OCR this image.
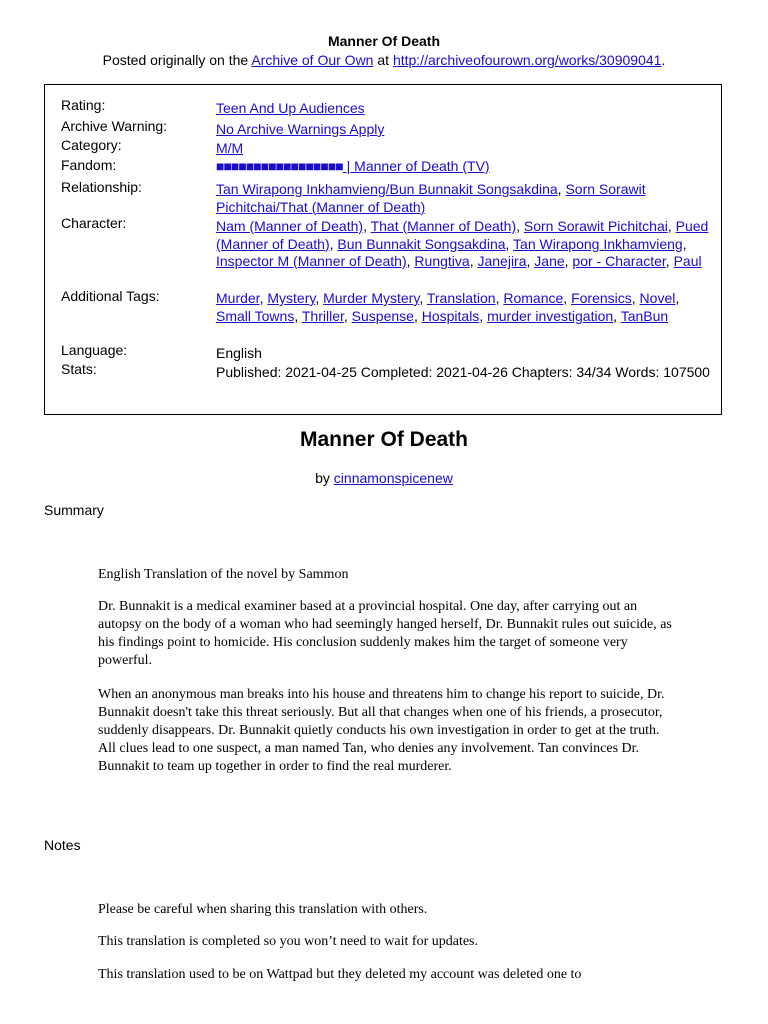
Manner Of Death
Posted originally on the Archive of Our Own at http://archiveofourown.org/works/30909041.
Rating:	Teen And Up Audiences
Archive Warning:	No Archive Warnings Apply
Category:	M/M
Fandom:	■■■■■■■■■■■■■■■■■ | Manner of Death (TV)
Relationship:	Tan Wirapong Inkhamvieng/Bun Bunnakit Songsakdina, Sorn Sorawit Pichitchai/That (Manner of Death)
Character:	Nam (Manner of Death), That (Manner of Death), Sorn Sorawit Pichitchai, Pued (Manner of Death), Bun Bunnakit Songsakdina, Tan Wirapong Inkhamvieng, Inspector M (Manner of Death), Rungtiva, Janejira, Jane, por - Character, Paul
Additional Tags:	Murder, Mystery, Murder Mystery, Translation, Romance, Forensics, Novel, Small Towns, Thriller, Suspense, Hospitals, murder investigation, TanBun
Language:	English
Stats:	Published: 2021-04-25 Completed: 2021-04-26 Chapters: 34/34 Words: 107500
Manner Of Death
by cinnamonspicenew
Summary

English Translation of the novel by Sammon

Dr. Bunnakit is a medical examiner based at a provincial hospital. One day, after carrying out an autopsy on the body of a woman who had seemingly hanged herself, Dr. Bunnakit rules out suicide, as his findings point to homicide. His conclusion suddenly makes him the target of someone very powerful.

When an anonymous man breaks into his house and threatens him to change his report to suicide, Dr. Bunnakit doesn't take this threat seriously. But all that changes when one of his friends, a prosecutor, suddenly disappears. Dr. Bunnakit quietly conducts his own investigation in order to get at the truth. All clues lead to one suspect, a man named Tan, who denies any involvement. Tan convinces Dr. Bunnakit to team up together in order to find the real murderer.

Notes

Please be careful when sharing this translation with others.

This translation is completed so you won’t need to wait for updates.

This translation used to be on Wattpad but they deleted my account was deleted one to
